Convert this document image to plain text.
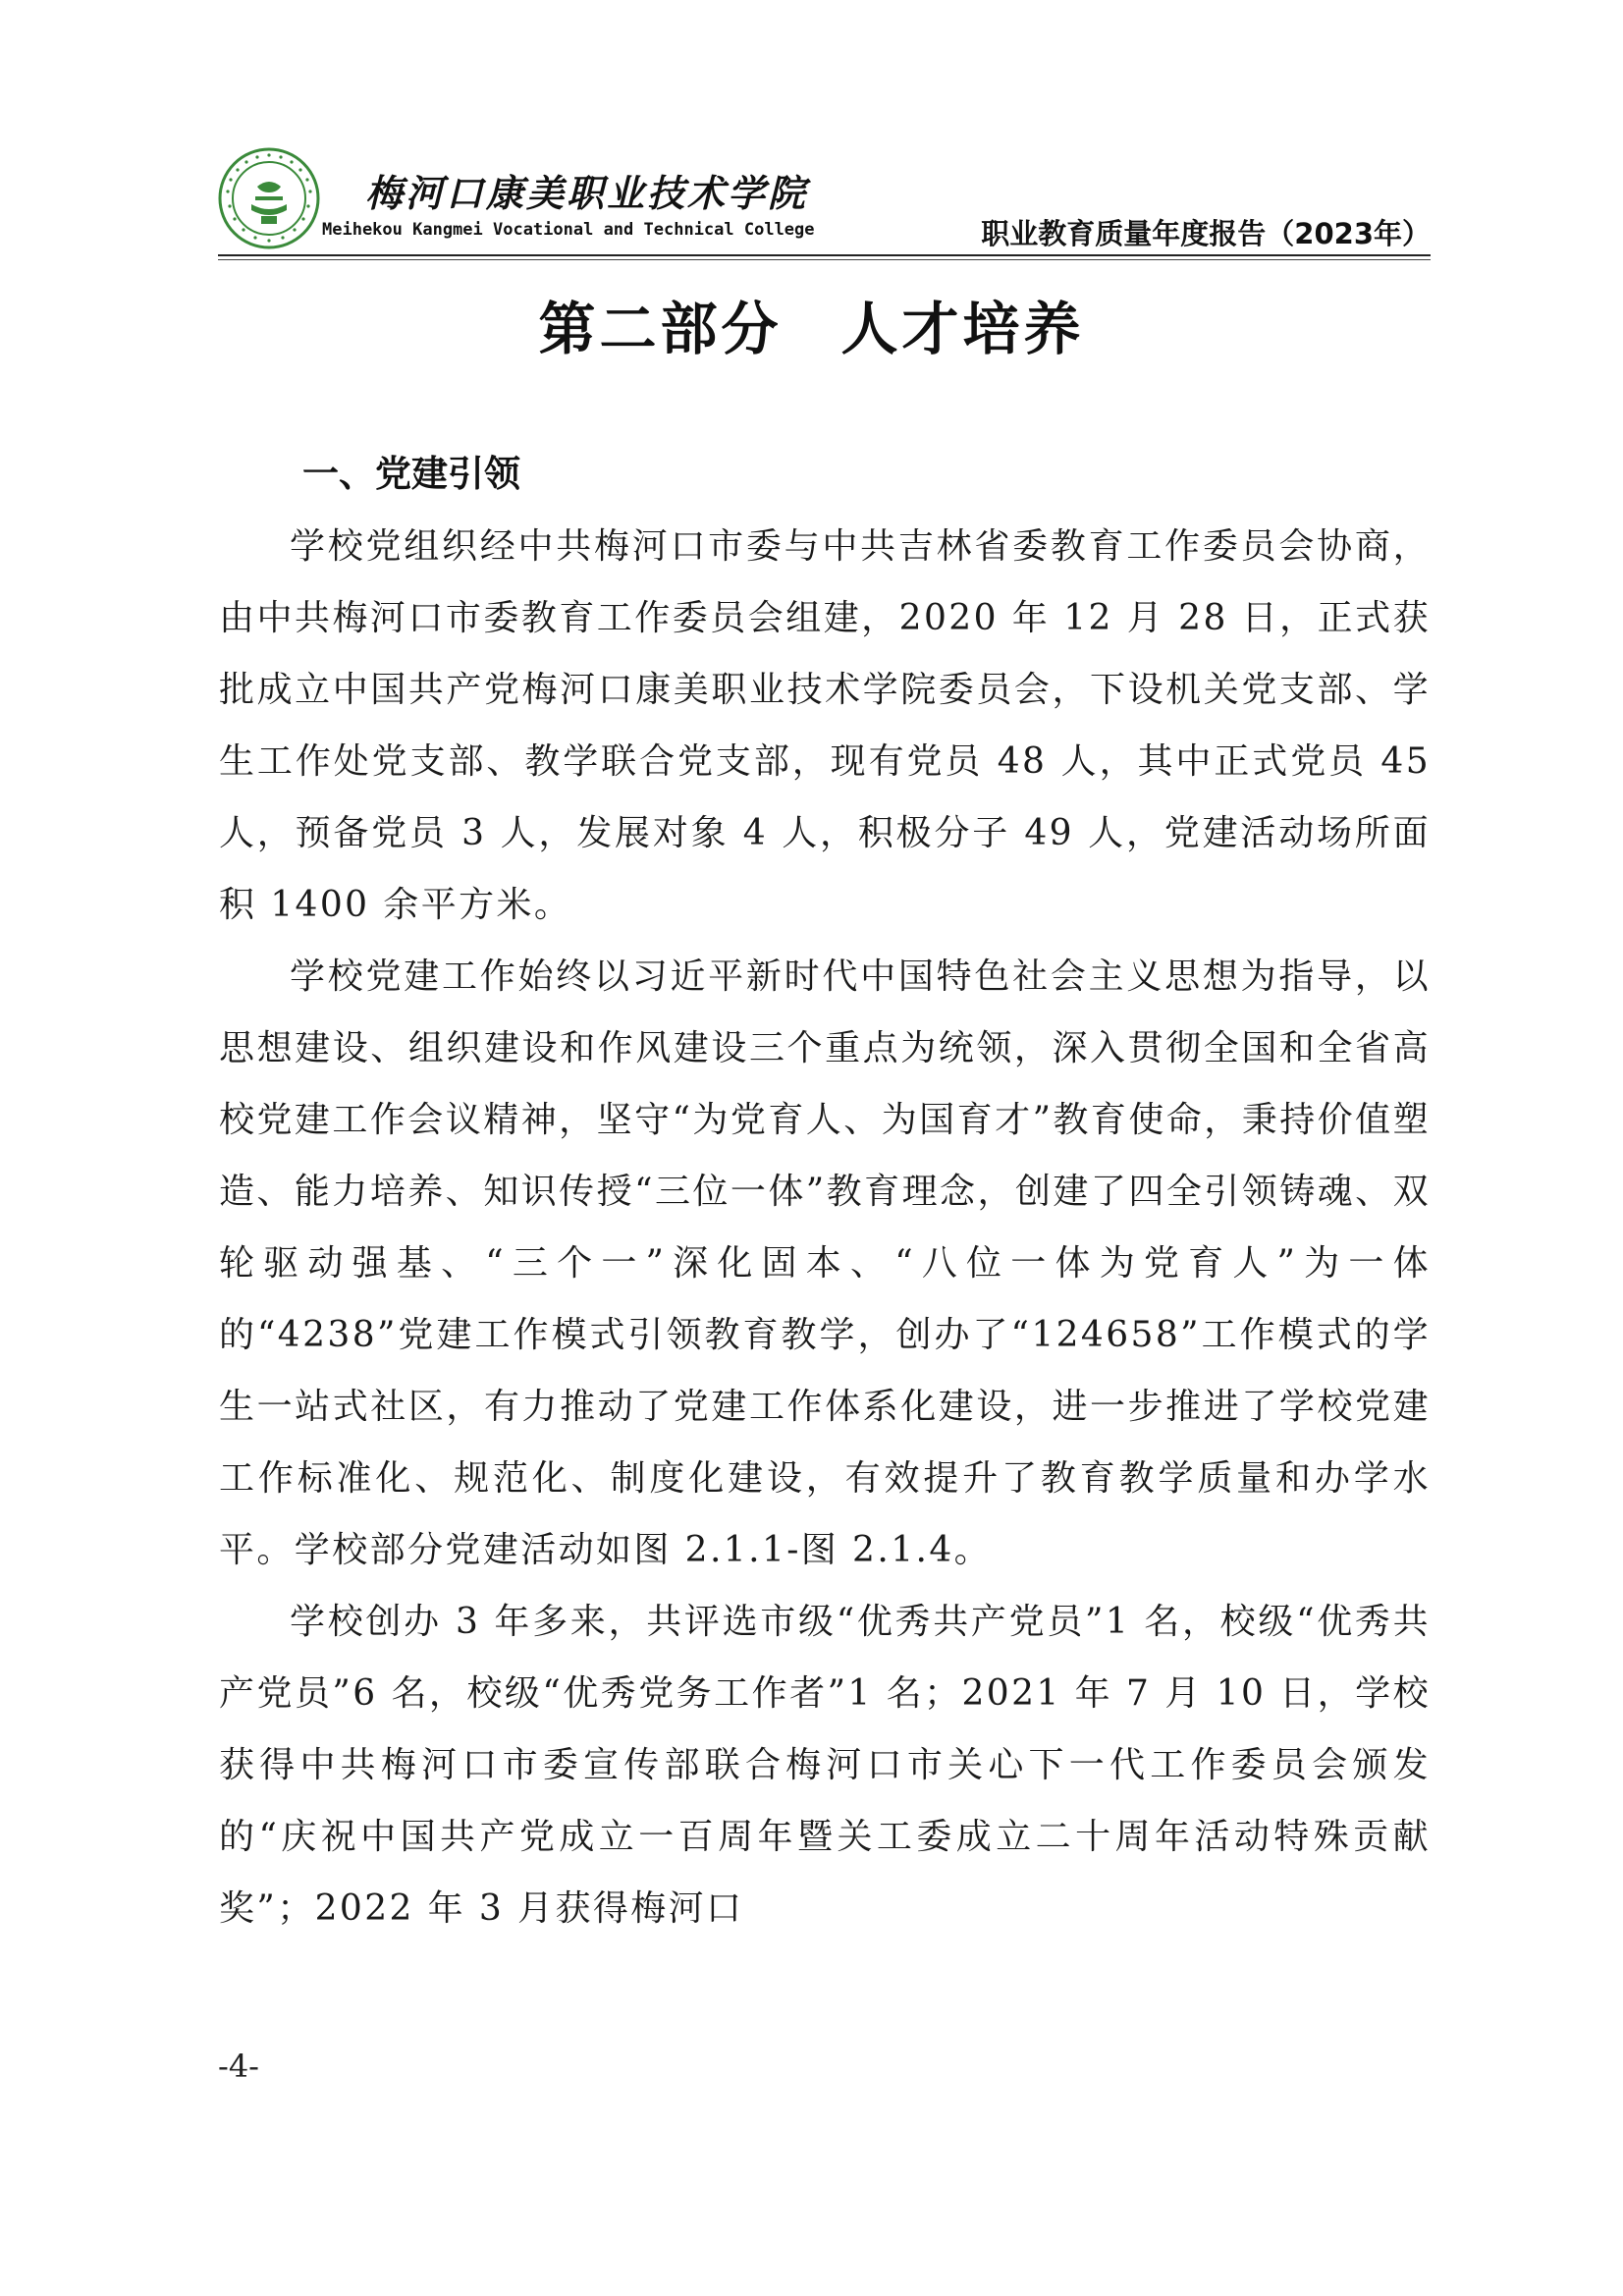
梅河口康美职业技术学院
Meihekou Kangmei Vocational and Technical College	职业教育质量年度报告（2023年）
第二部分 人才培养
一、党建引领

学校党组织经中共梅河口市委与中共吉林省委教育工作委员会协商，由中共梅河口市委教育工作委员会组建，2020 年 12 月 28 日，正式获批成立中国共产党梅河口康美职业技术学院委员会，下设机关党支部、学生工作处党支部、教学联合党支部，现有党员 48 人，其中正式党员 45 人，预备党员 3 人，发展对象 4 人，积极分子 49 人，党建活动场所面积 1400 余平方米。

学校党建工作始终以习近平新时代中国特色社会主义思想为指导，以思想建设、组织建设和作风建设三个重点为统领，深入贯彻全国和全省高校党建工作会议精神，坚守“为党育人、为国育才”教育使命，秉持价值塑造、能力培养、知识传授“三位一体”教育理念，创建了四全引领铸魂、双轮驱动强基、“三个一”深化固本、“八位一体为党育人”为一体的“4238”党建工作模式引领教育教学，创办了“124658”工作模式的学生一站式社区，有力推动了党建工作体系化建设，进一步推进了学校党建工作标准化、规范化、制度化建设，有效提升了教育教学质量和办学水平。学校部分党建活动如图 2.1.1-图 2.1.4。

学校创办 3 年多来，共评选市级“优秀共产党员”1 名，校级“优秀共产党员”6 名，校级“优秀党务工作者”1 名；2021 年 7 月 10 日，学校获得中共梅河口市委宣传部联合梅河口市关心下一代工作委员会颁发的“庆祝中国共产党成立一百周年暨关工委成立二十周年活动特殊贡献奖”；2022 年 3 月获得梅河口

-4-
